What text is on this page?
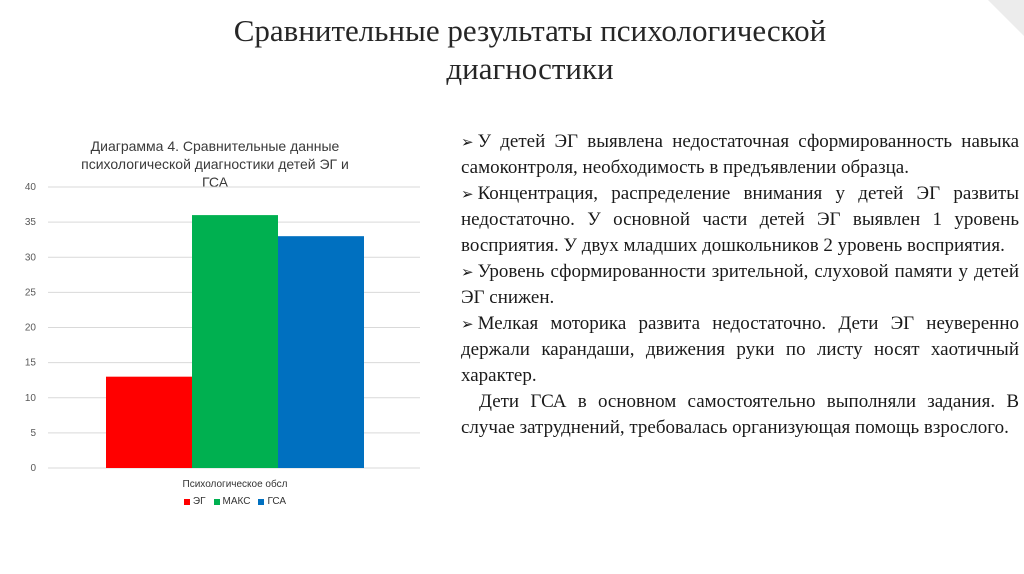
Сравнительные результаты психологической
диагностики
Диаграмма 4. Сравнительные данные
психологической диагностики детей ЭГ и
ГСА
0
5
10
15
20
25
30
35
40
Психологическое обсл
ЭГ МАКС ГСА

➢ У детей ЭГ выявлена недостаточная сформированность навыка самоконтроля, необходимость в предъявлении образца.

➢ Концентрация, распределение внимания у детей ЭГ развиты недостаточно. У основной части детей ЭГ выявлен 1 уровень восприятия. У двух младших дошкольников 2 уровень восприятия.

➢ Уровень сформированности зрительной, слуховой памяти у детей ЭГ снижен.

➢ Мелкая моторика развита недостаточно. Дети ЭГ неуверенно держали карандаши, движения руки по листу носят хаотичный характер.

Дети ГСА в основном самостоятельно выполняли задания. В случае затруднений, требовалась организующая помощь взрослого.
